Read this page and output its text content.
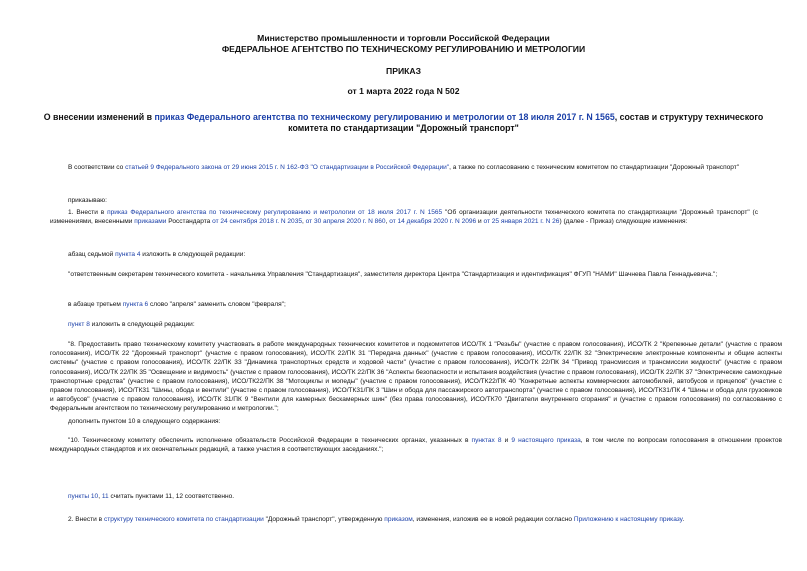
Министерство промышленности и торговли Российской Федерации
ФЕДЕРАЛЬНОЕ АГЕНТСТВО ПО ТЕХНИЧЕСКОМУ РЕГУЛИРОВАНИЮ И МЕТРОЛОГИИ
ПРИКАЗ
от 1 марта 2022 года N 502
О внесении изменений в приказ Федерального агентства по техническому регулированию и метрологии от 18 июля 2017 г. N 1565, состав и структуру технического комитета по стандартизации "Дорожный транспорт"
В соответствии со статьей 9 Федерального закона от 29 июня 2015 г. N 162-ФЗ "О стандартизации в Российской Федерации", а также по согласованию с техническим комитетом по стандартизации "Дорожный транспорт"
приказываю:
1. Внести в приказ Федерального агентства по техническому регулированию и метрологии от 18 июля 2017 г. N 1565 "Об организации деятельности технического комитета по стандартизации "Дорожный транспорт" (с изменениями, внесенными приказами Росстандарта от 24 сентября 2018 г. N 2035, от 30 апреля 2020 г. N 860, от 14 декабря 2020 г. N 2096 и от 25 января 2021 г. N 26) (далее - Приказ) следующие изменения:
абзац седьмой пункта 4 изложить в следующей редакции:
"ответственным секретарем технического комитета - начальника Управления "Стандартизация", заместителя директора Центра "Стандартизация и идентификация" ФГУП "НАМИ" Шачнева Павла Геннадьевича.";
в абзаце третьем пункта 6 слово "апреля" заменить словом "февраля";
пункт 8 изложить в следующей редакции:
"8. Предоставить право техническому комитету участвовать в работе международных технических комитетов и подкомитетов ИСО/ТК 1 "Резьбы" (участие с правом голосования), ИСО/ТК 2 "Крепежные детали" (участие с правом голосования), ИСО/ТК 22 "Дорожный транспорт" (участие с правом голосования), ИСО/ТК 22/ПК 31 "Передача данных" (участие с правом голосования), ИСО/ТК 22/ПК 32 "Электрические электронные компоненты и общие аспекты системы" (участие с правом голосования), ИСО/ТК 22/ПК 33 "Динамика транспортных средств и ходовой части" (участие с правом голосования), ИСО/ТК 22/ПК 34 "Привод трансмиссия и трансмиссии жидкости" (участие с правом голосования), ИСО/ТК 22/ПК 35 "Освещение и видимость" (участие с правом голосования), ИСО/ТК 22/ПК 36 "Аспекты безопасности и испытания воздействия (участие с правом голосования), ИСО/ТК 22/ПК 37 "Электрические самоходные транспортные средства" (участие с правом голосования), ИСО/ТК22/ПК 38 "Мотоциклы и мопеды" (участие с правом голосования), ИСО/ТК22/ПК 40 "Конкретные аспекты коммерческих автомобилей, автобусов и прицепов" (участие с правом голосования), ИСО/ТК31 "Шины, обода и вентили" (участие с правом голосования), ИСО/ТК31/ПК 3 "Шин и обода для пассажирского автотранспорта" (участие с правом голосования), ИСО/ТК31/ПК 4 "Шины и обода для грузовиков и автобусов" (участие с правом голосования), ИСО/ТК 31/ПК 9 "Вентили для камерных бескамерных шин" (без права голосования), ИСО/ТК70 "Двигатели внутреннего сгорания" и (участие с правом голосования) по согласованию с Федеральным агентством по техническому регулированию и метрологии.";
дополнить пунктом 10 в следующего содержания:
"10. Техническому комитету обеспечить исполнение обязательств Российской Федерации в технических органах, указанных в пунктах 8 и 9 настоящего приказа, в том числе по вопросам голосования в отношении проектов международных стандартов и их окончательных редакций, а также участия в соответствующих заседаниях.";
пункты 10, 11 считать пунктами 11, 12 соответственно.
2. Внести в структуру технического комитета по стандартизации "Дорожный транспорт", утвержденную приказом, изменения, изложив ее в новой редакции согласно Приложению к настоящему приказу.
